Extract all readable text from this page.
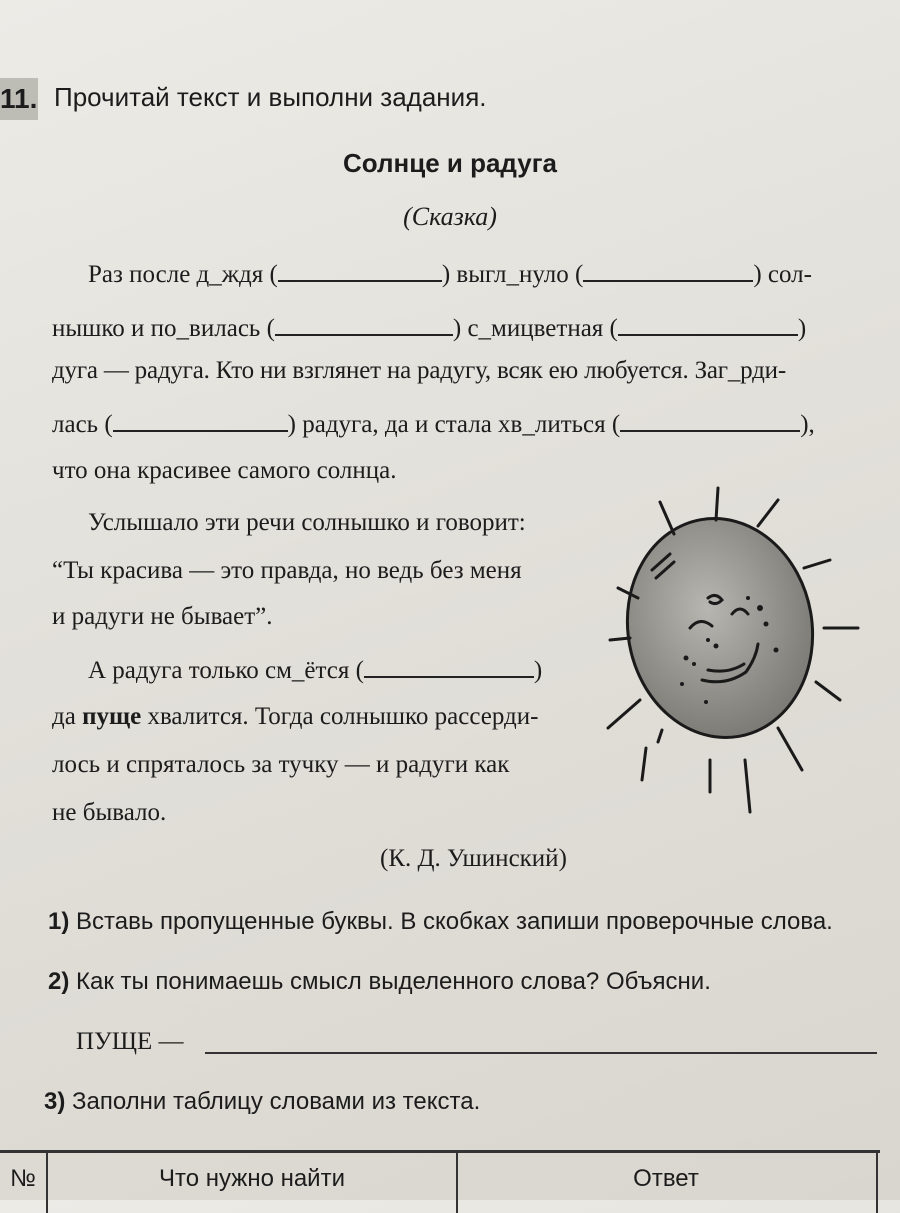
11. Прочитай текст и выполни задания.
Солнце и радуга
(Сказка)
Раз после д_ждя (	) выгл_нуло (	) сол-
нышко и по_вилась (	) с_мицветная (	)
дуга — радуга. Кто ни взглянет на радугу, всяк ею любуется. Заг_рди-
лась (	) радуга, да и стала хв_литься (	),
что она красивее самого солнца.
Услышало эти речи солнышко и говорит:
“Ты красива — это правда, но ведь без меня
и радуги не бывает”.
А радуга только см_ётся (	)
да пуще хвалится. Тогда солнышко рассерди-
лось и спряталось за тучку — и радуги как
не бывало.
(К. Д. Ушинский)
1) Вставь пропущенные буквы. В скобках запиши проверочные слова.
2) Как ты понимаешь смысл выделенного слова? Объясни.
ПУЩЕ —
3) Заполни таблицу словами из текста.
№	Что нужно найти	Ответ
